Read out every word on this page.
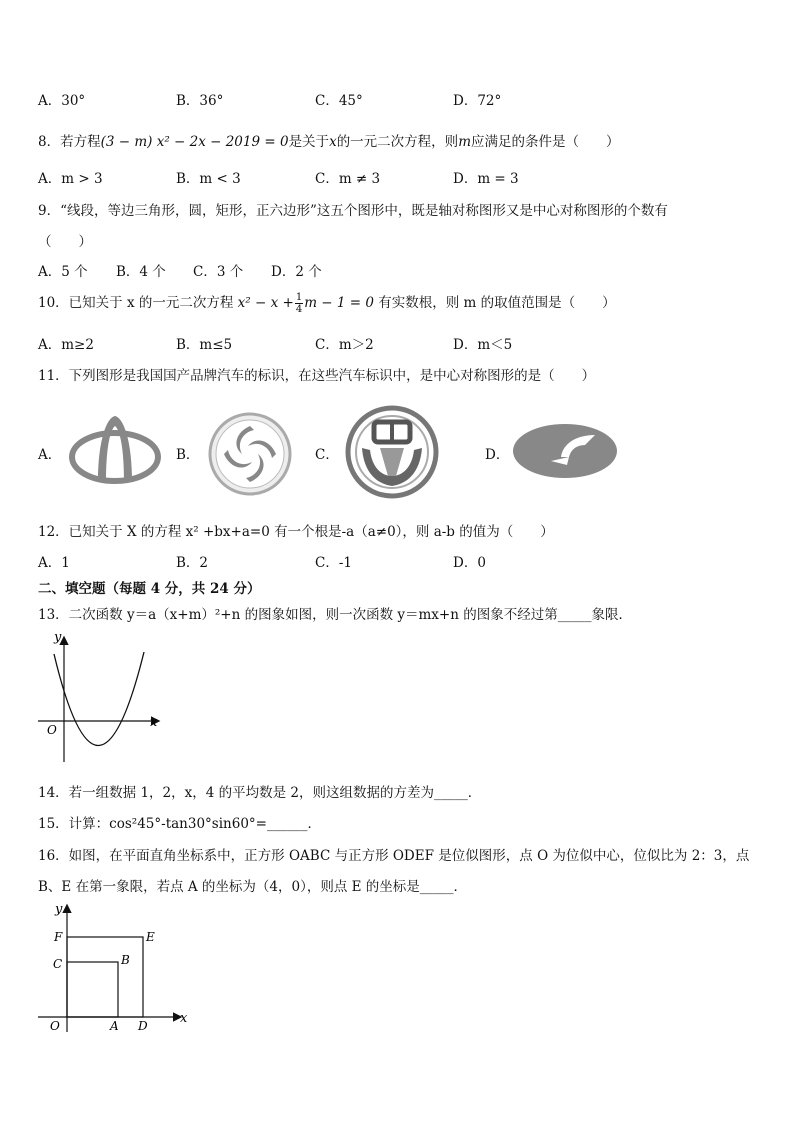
A．30°	B．36°	C．45°	D．72°
8．若方程(3 − m) x² − 2x − 2019 = 0是关于x的一元二次方程，则m应满足的条件是（　　）
A．m > 3	B．m < 3	C．m ≠ 3	D．m = 3
9．“线段，等边三角形，圆，矩形，正六边形”这五个图形中，既是轴对称图形又是中心对称图形的个数有
（　　）
A．5 个 B．4 个 C．3 个 D．2 个
10．已知关于 x 的一元二次方程 $x^2 - x + \frac{1}{4}$ m − 1 = 0 有实数根，则 m 的取值范围是（　　）
A．m≥2	B．m≤5	C．m＞2	D．m＜5
11．下列图形是我国国产品牌汽车的标识，在这些汽车标识中，是中心对称图形的是（　　）
A．	B．	C．	D．
12．已知关于 X 的方程 x² +bx+a=0 有一个根是-a（a≠0），则 a-b 的值为（　　）
A．1	B．2	C．-1	D．0
二、填空题（每题 4 分，共 24 分）
13．二次函数 y＝a（x+m）²+n 的图象如图，则一次函数 y＝mx+n 的图象不经过第_____象限．
y
x
O
14．若一组数据 1，2，x，4 的平均数是 2，则这组数据的方差为_____．
15．计算：cos²45°-tan30°sin60°=______．
16．如图，在平面直角坐标系中，正方形 OABC 与正方形 ODEF 是位似图形，点 O 为位似中心，位似比为 2：3，点
B、E 在第一象限，若点 A 的坐标为（4，0），则点 E 的坐标是_____．
y
x
O	A
B
C
D
E
F
